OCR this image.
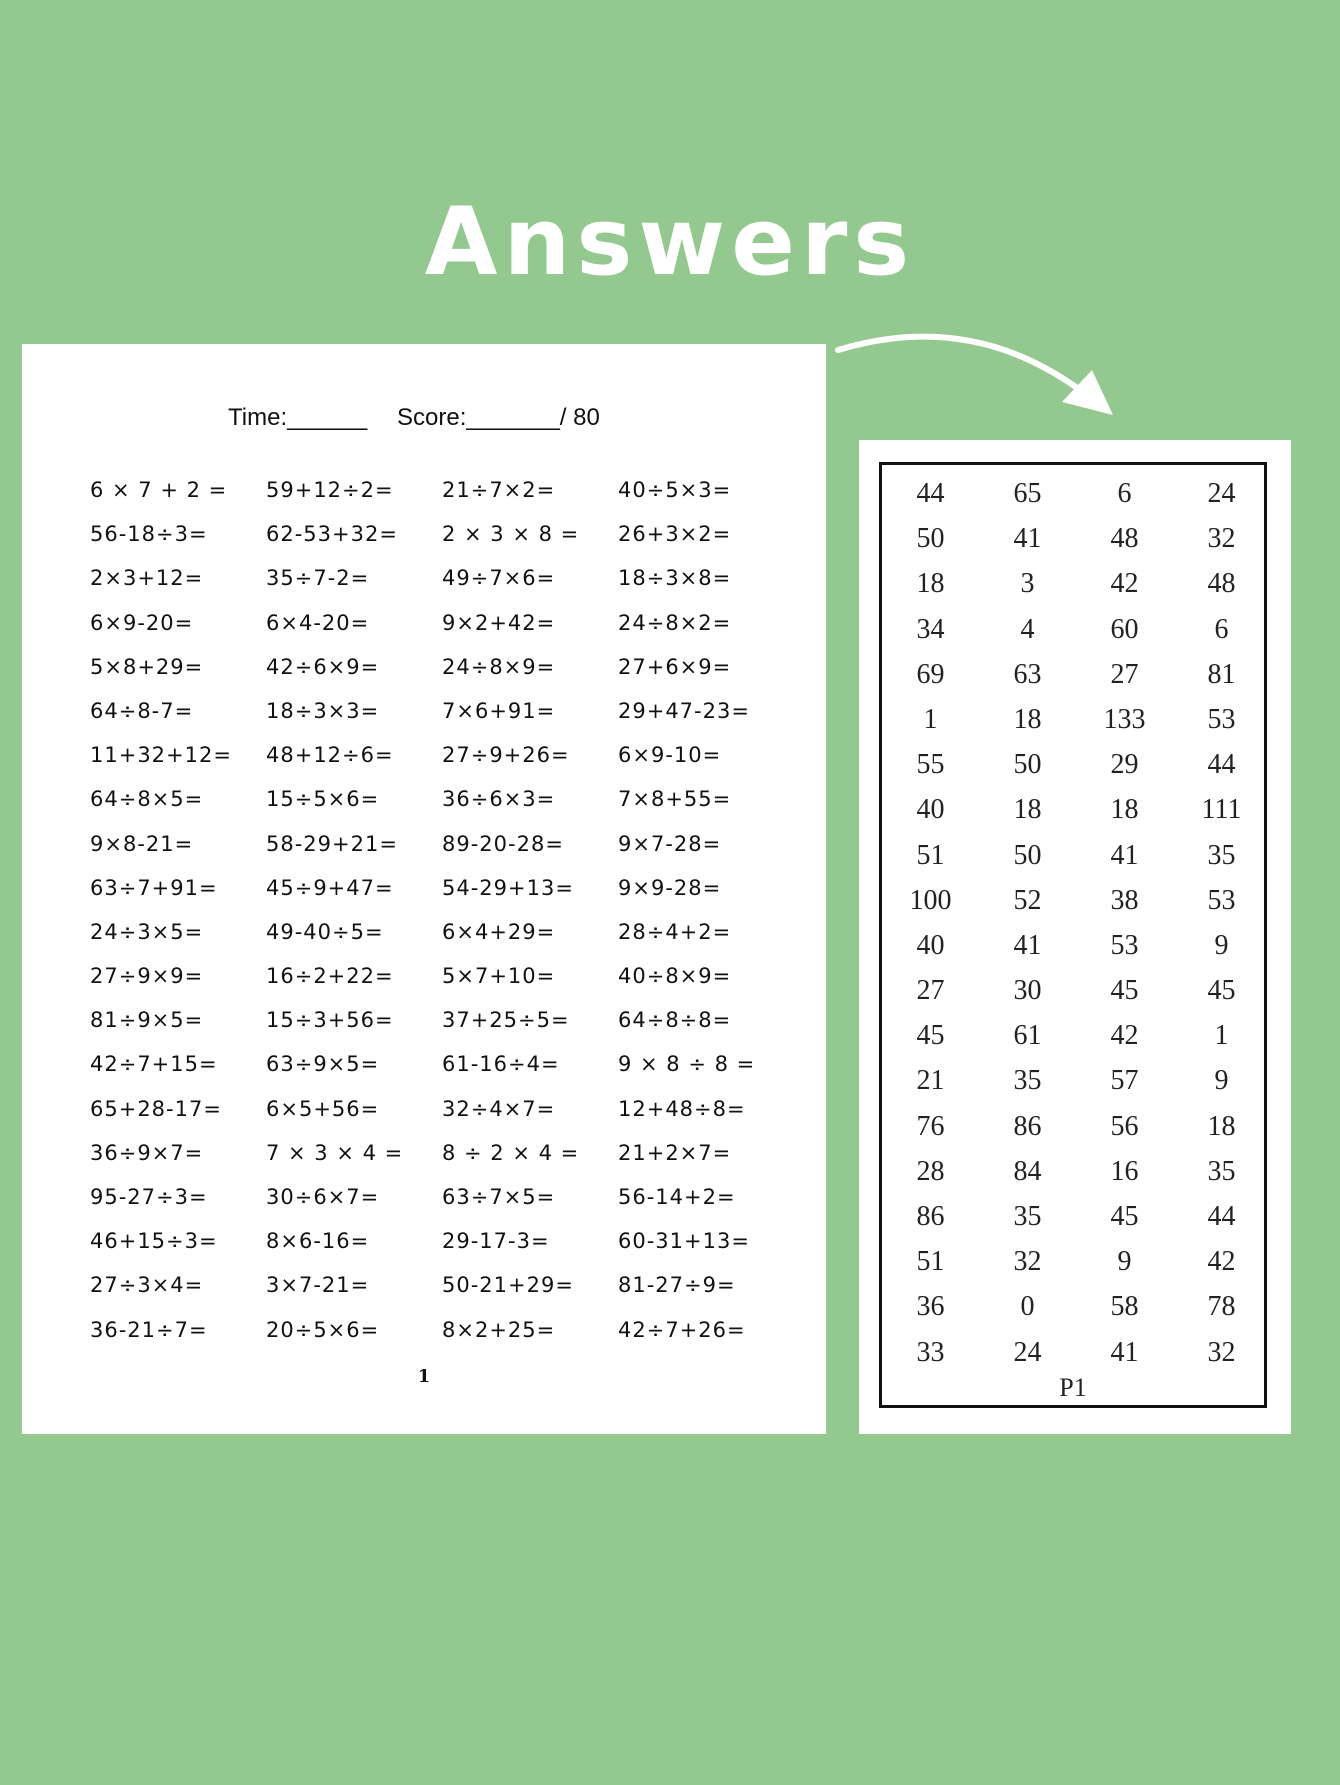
Answers
Time:______ Score:_______/ 80
6 × 7 + 2 =	59+12÷2=	21÷7×2=	40÷5×3=
56-18÷3=	62-53+32=	2 × 3 × 8 =	26+3×2=
2×3+12=	35÷7-2=	49÷7×6=	18÷3×8=
6×9-20=	6×4-20=	9×2+42=	24÷8×2=
5×8+29=	42÷6×9=	24÷8×9=	27+6×9=
64÷8-7=	18÷3×3=	7×6+91=	29+47-23=
11+32+12=	48+12÷6=	27÷9+26=	6×9-10=
64÷8×5=	15÷5×6=	36÷6×3=	7×8+55=
9×8-21=	58-29+21=	89-20-28=	9×7-28=
63÷7+91=	45÷9+47=	54-29+13=	9×9-28=
24÷3×5=	49-40÷5=	6×4+29=	28÷4+2=
27÷9×9=	16÷2+22=	5×7+10=	40÷8×9=
81÷9×5=	15÷3+56=	37+25÷5=	64÷8÷8=
42÷7+15=	63÷9×5=	61-16÷4=	9 × 8 ÷ 8 =
65+28-17=	6×5+56=	32÷4×7=	12+48÷8=
36÷9×7=	7 × 3 × 4 =	8 ÷ 2 × 4 =	21+2×7=
95-27÷3=	30÷6×7=	63÷7×5=	56-14+2=
46+15÷3=	8×6-16=	29-17-3=	60-31+13=
27÷3×4=	3×7-21=	50-21+29=	81-27÷9=
36-21÷7=	20÷5×6=	8×2+25=	42÷7+26=
1
44	65	6	24
50	41	48	32
18	3	42	48
34	4	60	6
69	63	27	81
1	18	133	53
55	50	29	44
40	18	18	111
51	50	41	35
100	52	38	53
40	41	53	9
27	30	45	45
45	61	42	1
21	35	57	9
76	86	56	18
28	84	16	35
86	35	45	44
51	32	9	42
36	0	58	78
33	24	41	32
P1
